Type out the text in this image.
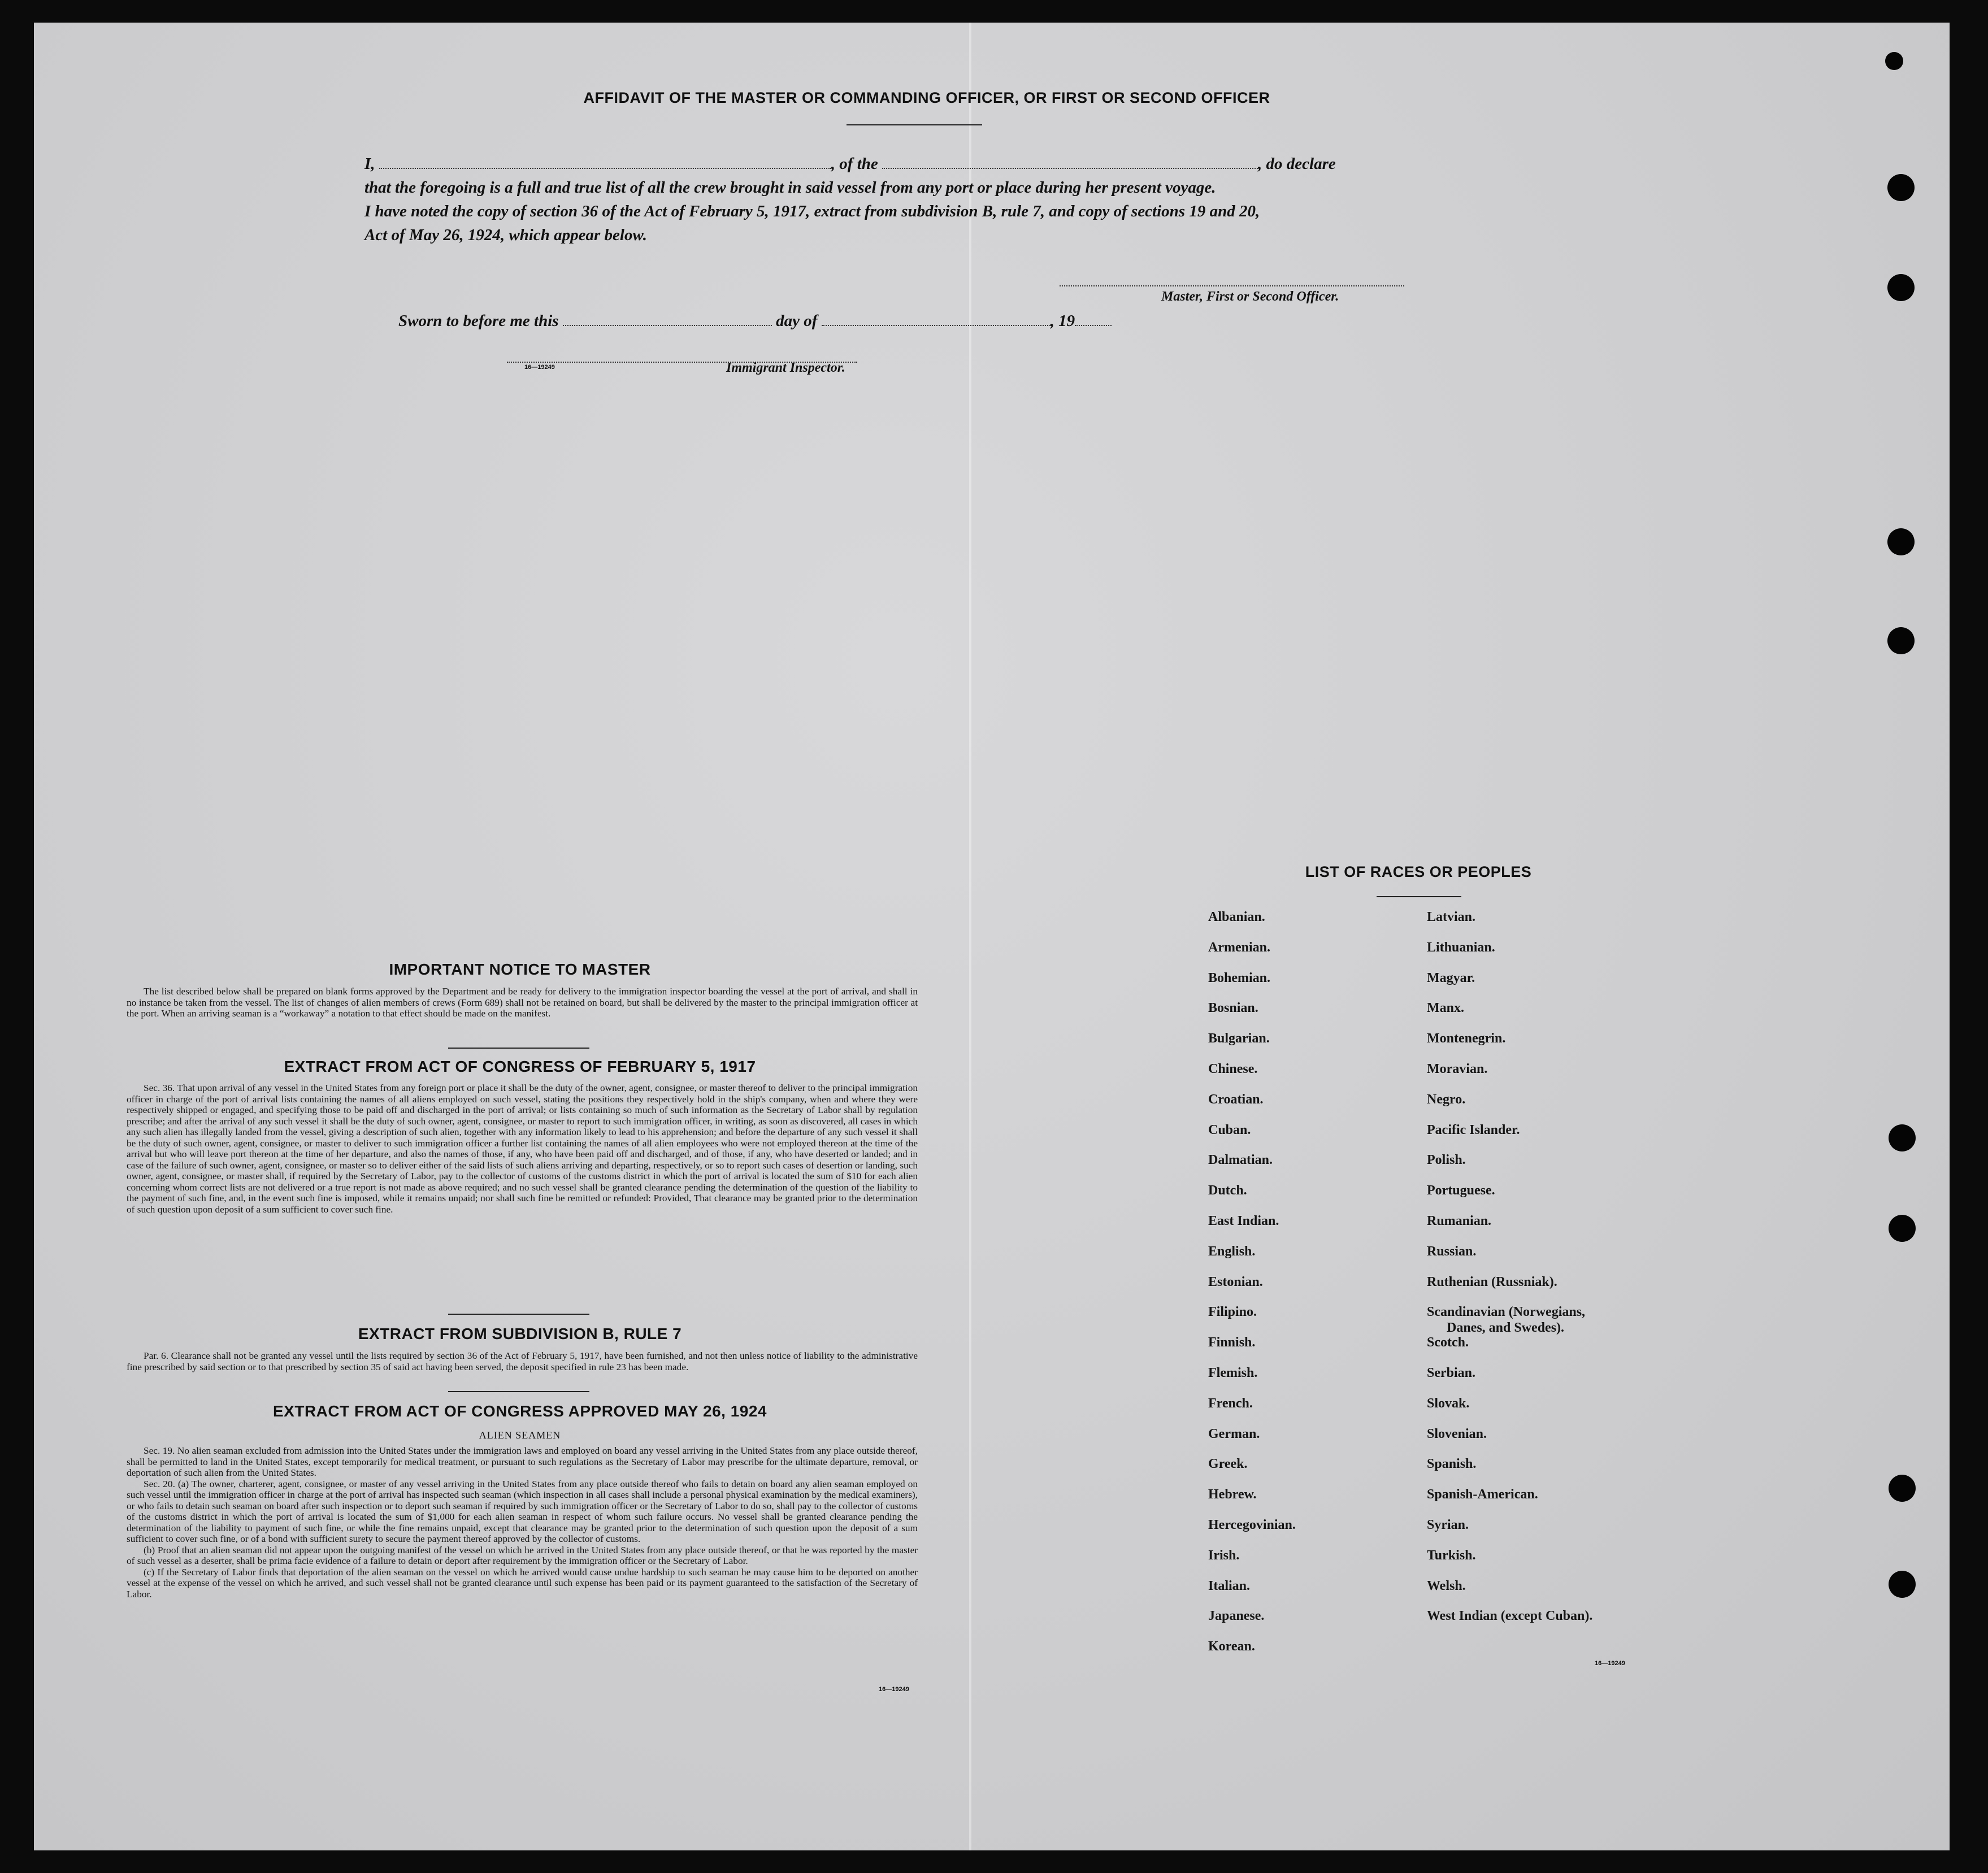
AFFIDAVIT OF THE MASTER OR COMMANDING OFFICER, OR FIRST OR SECOND OFFICER
I,	, of the	, do declare
that the foregoing is a full and true list of all the crew brought in said vessel from any port or place during her present voyage.
I have noted the copy of section 36 of the Act of February 5, 1917, extract from subdivision B, rule 7, and copy of sections 19 and 20,
Act of May 26, 1924, which appear below.
Master, First or Second Officer.
Sworn to before me this	day of	, 19
16—19249	Immigrant Inspector.
IMPORTANT NOTICE TO MASTER

The list described below shall be prepared on blank forms approved by the Department and be ready for delivery to the immigration inspector boarding the vessel at the port of arrival, and shall in no instance be taken from the vessel. The list of changes of alien members of crews (Form 689) shall not be retained on board, but shall be delivered by the master to the principal immigration officer at the port. When an arriving seaman is a “workaway” a notation to that effect should be made on the manifest.

EXTRACT FROM ACT OF CONGRESS OF FEBRUARY 5, 1917

Sec. 36. That upon arrival of any vessel in the United States from any foreign port or place it shall be the duty of the owner, agent, consignee, or master thereof to deliver to the principal immigration officer in charge of the port of arrival lists containing the names of all aliens employed on such vessel, stating the positions they respectively hold in the ship's company, when and where they were respectively shipped or engaged, and specifying those to be paid off and discharged in the port of arrival; or lists containing so much of such information as the Secretary of Labor shall by regulation prescribe; and after the arrival of any such vessel it shall be the duty of such owner, agent, consignee, or master to report to such immigration officer, in writing, as soon as discovered, all cases in which any such alien has illegally landed from the vessel, giving a description of such alien, together with any information likely to lead to his apprehension; and before the departure of any such vessel it shall be the duty of such owner, agent, consignee, or master to deliver to such immigration officer a further list containing the names of all alien employees who were not employed thereon at the time of the arrival but who will leave port thereon at the time of her departure, and also the names of those, if any, who have been paid off and discharged, and of those, if any, who have deserted or landed; and in case of the failure of such owner, agent, consignee, or master so to deliver either of the said lists of such aliens arriving and departing, respectively, or so to report such cases of desertion or landing, such owner, agent, consignee, or master shall, if required by the Secretary of Labor, pay to the collector of customs of the customs district in which the port of arrival is located the sum of $10 for each alien concerning whom correct lists are not delivered or a true report is not made as above required; and no such vessel shall be granted clearance pending the determination of the question of the liability to the payment of such fine, and, in the event such fine is imposed, while it remains unpaid; nor shall such fine be remitted or refunded: Provided, That clearance may be granted prior to the determination of such question upon deposit of a sum sufficient to cover such fine.

EXTRACT FROM SUBDIVISION B, RULE 7

Par. 6. Clearance shall not be granted any vessel until the lists required by section 36 of the Act of February 5, 1917, have been furnished, and not then unless notice of liability to the administrative fine prescribed by said section or to that prescribed by section 35 of said act having been served, the deposit specified in rule 23 has been made.

EXTRACT FROM ACT OF CONGRESS APPROVED MAY 26, 1924
ALIEN SEAMEN

Sec. 19. No alien seaman excluded from admission into the United States under the immigration laws and employed on board any vessel arriving in the United States from any place outside thereof, shall be permitted to land in the United States, except temporarily for medical treatment, or pursuant to such regulations as the Secretary of Labor may prescribe for the ultimate departure, removal, or deportation of such alien from the United States.

Sec. 20. (a) The owner, charterer, agent, consignee, or master of any vessel arriving in the United States from any place outside thereof who fails to detain on board any alien seaman employed on such vessel until the immigration officer in charge at the port of arrival has inspected such seaman (which inspection in all cases shall include a personal physical examination by the medical examiners), or who fails to detain such seaman on board after such inspection or to deport such seaman if required by such immigration officer or the Secretary of Labor to do so, shall pay to the collector of customs of the customs district in which the port of arrival is located the sum of $1,000 for each alien seaman in respect of whom such failure occurs. No vessel shall be granted clearance pending the determination of the liability to payment of such fine, or while the fine remains unpaid, except that clearance may be granted prior to the determination of such question upon the deposit of a sum sufficient to cover such fine, or of a bond with sufficient surety to secure the payment thereof approved by the collector of customs.

(b) Proof that an alien seaman did not appear upon the outgoing manifest of the vessel on which he arrived in the United States from any place outside thereof, or that he was reported by the master of such vessel as a deserter, shall be prima facie evidence of a failure to detain or deport after requirement by the immigration officer or the Secretary of Labor.

(c) If the Secretary of Labor finds that deportation of the alien seaman on the vessel on which he arrived would cause undue hardship to such seaman he may cause him to be deported on another vessel at the expense of the vessel on which he arrived, and such vessel shall not be granted clearance until such expense has been paid or its payment guaranteed to the satisfaction of the Secretary of Labor.

16—19249
LIST OF RACES OR PEOPLES
16—19249
Albanian.
Armenian.
Bohemian.
Bosnian.
Bulgarian.
Chinese.
Croatian.
Cuban.
Dalmatian.
Dutch.
East Indian.
English.
Estonian.
Filipino.
Finnish.
Flemish.
French.
German.
Greek.
Hebrew.
Hercegovinian.
Irish.
Italian.
Japanese.
Korean.
Latvian.
Lithuanian.
Magyar.
Manx.
Montenegrin.
Moravian.
Negro.
Pacific Islander.
Polish.
Portuguese.
Rumanian.
Russian.
Ruthenian (Russniak).
Scandinavian (Norwegians,
Danes, and Swedes).
Scotch.
Serbian.
Slovak.
Slovenian.
Spanish.
Spanish-American.
Syrian.
Turkish.
Welsh.
West Indian (except Cuban).
